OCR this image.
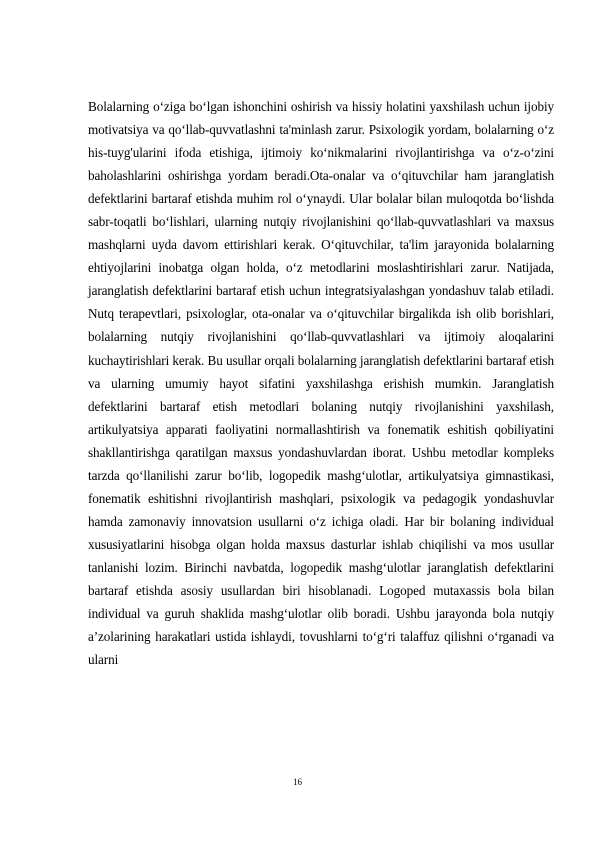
Bolalarning o‘ziga bo‘lgan ishonchini oshirish va hissiy holatini yaxshilash uchun ijobiy motivatsiya va qo‘llab-quvvatlashni ta'minlash zarur. Psixologik yordam, bolalarning o‘z his-tuyg'ularini ifoda etishiga, ijtimoiy ko‘nikmalarini rivojlantirishga va o‘z-o‘zini baholashlarini oshirishga yordam beradi.Ota-onalar va o‘qituvchilar ham jaranglatish defektlarini bartaraf etishda muhim rol o‘ynaydi. Ular bolalar bilan muloqotda bo‘lishda sabr-toqatli bo‘lishlari, ularning nutqiy rivojlanishini qo‘llab-quvvatlashlari va maxsus mashqlarni uyda davom ettirishlari kerak. O‘qituvchilar, ta'lim jarayonida bolalarning ehtiyojlarini inobatga olgan holda, o‘z metodlarini moslashtirishlari zarur. Natijada, jaranglatish defektlarini bartaraf etish uchun integratsiyalashgan yondashuv talab etiladi. Nutq terapevtlari, psixologlar, ota-onalar va o‘qituvchilar birgalikda ish olib borishlari, bolalarning nutqiy rivojlanishini qo‘llab-quvvatlashlari va ijtimoiy aloqalarini kuchaytirishlari kerak. Bu usullar orqali bolalarning jaranglatish defektlarini bartaraf etish va ularning umumiy hayot sifatini yaxshilashga erishish mumkin. Jaranglatish defektlarini bartaraf etish metodlari bolaning nutqiy rivojlanishini yaxshilash, artikulyatsiya apparati faoliyatini normallashtirish va fonematik eshitish qobiliyatini shakllantirishga qaratilgan maxsus yondashuvlardan iborat. Ushbu metodlar kompleks tarzda qo‘llanilishi zarur bo‘lib, logopedik mashg‘ulotlar, artikulyatsiya gimnastikasi, fonematik eshitishni rivojlantirish mashqlari, psixologik va pedagogik yondashuvlar hamda zamonaviy innovatsion usullarni o‘z ichiga oladi. Har bir bolaning individual xususiyatlarini hisobga olgan holda maxsus dasturlar ishlab chiqilishi va mos usullar tanlanishi lozim. Birinchi navbatda, logopedik mashg‘ulotlar jaranglatish defektlarini bartaraf etishda asosiy usullardan biri hisoblanadi. Logoped mutaxassis bola bilan individual va guruh shaklida mashg‘ulotlar olib boradi. Ushbu jarayonda bola nutqiy a’zolarining harakatlari ustida ishlaydi, tovushlarni to‘g‘ri talaffuz qilishni o‘rganadi va ularni

16
